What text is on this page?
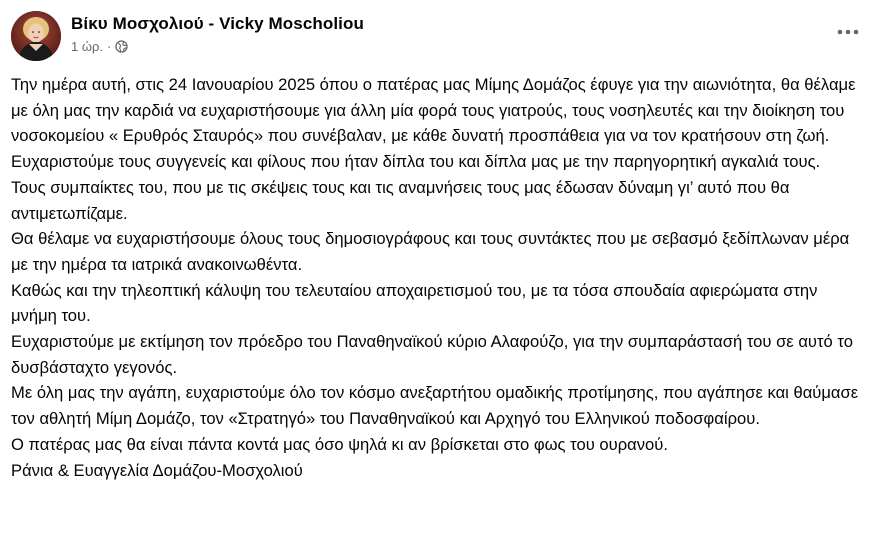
Βίκυ Μοσχολιού - Vicky Moscholiou
1 ώρ. ·

Την ημέρα αυτή, στις 24 Ιανουαρίου 2025 όπου ο πατέρας μας Μίμης Δομάζος έφυγε για την αιωνιότητα, θα θέλαμε με όλη μας την καρδιά να ευχαριστήσουμε για άλλη μία φορά τους γιατρούς, τους νοσηλευτές και την διοίκηση του νοσοκομείου « Ερυθρός Σταυρός» που συνέβαλαν, με κάθε δυνατή προσπάθεια για να τον κρατήσουν στη ζωή.

Ευχαριστούμε τους συγγενείς και φίλους που ήταν δίπλα του και δίπλα μας με την παρηγορητική αγκαλιά τους.

Τους συμπαίκτες του, που με τις σκέψεις τους και τις αναμνήσεις τους μας έδωσαν δύναμη γι’ αυτό που θα αντιμετωπίζαμε.

Θα θέλαμε να ευχαριστήσουμε όλους τους δημοσιογράφους και τους συντάκτες που με σεβασμό ξεδίπλωναν μέρα με την ημέρα τα ιατρικά ανακοινωθέντα.

Καθώς και την τηλεοπτική κάλυψη του τελευταίου αποχαιρετισμού του, με τα τόσα σπουδαία αφιερώματα στην μνήμη του.

Ευχαριστούμε με εκτίμηση τον πρόεδρο του Παναθηναϊκού κύριο Αλαφούζο, για την συμπαράστασή του σε αυτό το δυσβάσταχτο γεγονός.

Με όλη μας την αγάπη, ευχαριστούμε όλο τον κόσμο ανεξαρτήτου ομαδικής προτίμησης, που αγάπησε και θαύμασε τον αθλητή Μίμη Δομάζο, τον «Στρατηγό» του Παναθηναϊκού και Αρχηγό του Ελληνικού ποδοσφαίρου.

Ο πατέρας μας θα είναι πάντα κοντά μας όσο ψηλά κι αν βρίσκεται στο φως του ουρανού.

Ράνια & Ευαγγελία Δομάζου-Μοσχολιού
